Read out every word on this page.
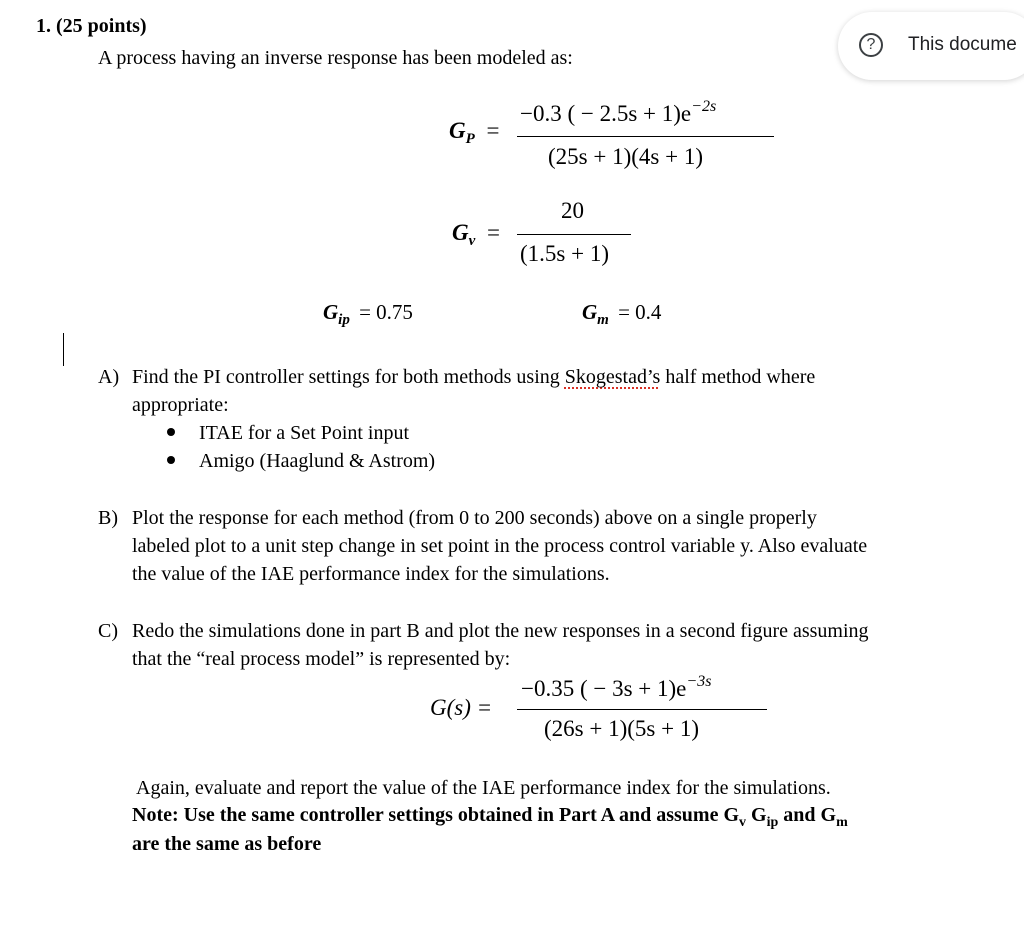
1. (25 points)
A process having an inverse response has been modeled as:
?	This docume
$G_P$ =
−0.3 ( − $2.5s + 1)e^{-2s}$
(25s + 1)(4s + 1)
$G_v$ =
20
(1.5s + 1)
$G_{ip} = 0.75$	$G_m = 0.4$
A) Find the PI controller settings for both methods using Skogestad’s half method where
appropriate:
ITAE for a Set Point input
Amigo (Haaglund & Astrom)
B) Plot the response for each method (from 0 to 200 seconds) above on a single properly
labeled plot to a unit step change in set point in the process control variable y. Also evaluate
the value of the IAE performance index for the simulations.
C) Redo the simulations done in part B and plot the new responses in a second figure assuming
that the “real process model” is represented by:
G(s) =
−0.35 ( − $3s + 1)e^{-3s}$
(26s + 1)(5s + 1)
Again, evaluate and report the value of the IAE performance index for the simulations.
Note: Use the same controller settings obtained in Part A and assume $G_v$ $G_{ip}$ and $G_m$
are the same as before
